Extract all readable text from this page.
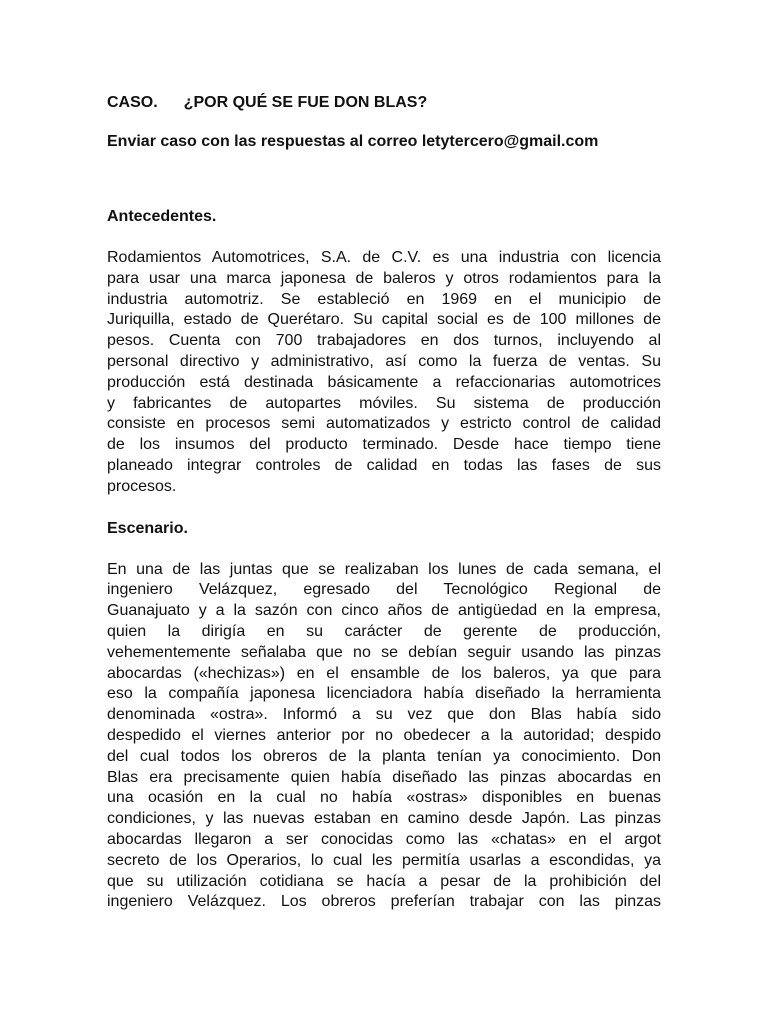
CASO. ¿POR QUÉ SE FUE DON BLAS?

Enviar caso con las respuestas al correo letytercero@gmail.com

Antecedentes.

Rodamientos Automotrices, S.A. de C.V. es una industria con licencia
para usar una marca japonesa de baleros y otros rodamientos para la
industria automotriz. Se estableció en 1969 en el municipio de
Juriquilla, estado de Querétaro. Su capital social es de 100 millones de
pesos. Cuenta con 700 trabajadores en dos turnos, incluyendo al
personal directivo y administrativo, así como la fuerza de ventas. Su
producción está destinada básicamente a refaccionarias automotrices
y fabricantes de autopartes móviles. Su sistema de producción
consiste en procesos semi automatizados y estricto control de calidad
de los insumos del producto terminado. Desde hace tiempo tiene
planeado integrar controles de calidad en todas las fases de sus
procesos.

Escenario.

En una de las juntas que se realizaban los lunes de cada semana, el
ingeniero Velázquez, egresado del Tecnológico Regional de
Guanajuato y a la sazón con cinco años de antigüedad en la empresa,
quien la dirigía en su carácter de gerente de producción,
vehementemente señalaba que no se debían seguir usando las pinzas
abocardas («hechizas») en el ensamble de los baleros, ya que para
eso la compañía japonesa licenciadora había diseñado la herramienta
denominada «ostra». Informó a su vez que don Blas había sido
despedido el viernes anterior por no obedecer a la autoridad; despido
del cual todos los obreros de la planta tenían ya conocimiento. Don
Blas era precisamente quien había diseñado las pinzas abocardas en
una ocasión en la cual no había «ostras» disponibles en buenas
condiciones, y las nuevas estaban en camino desde Japón. Las pinzas
abocardas llegaron a ser conocidas como las «chatas» en el argot
secreto de los Operarios, lo cual les permitía usarlas a escondidas, ya
que su utilización cotidiana se hacía a pesar de la prohibición del
ingeniero Velázquez. Los obreros preferían trabajar con las pinzas
